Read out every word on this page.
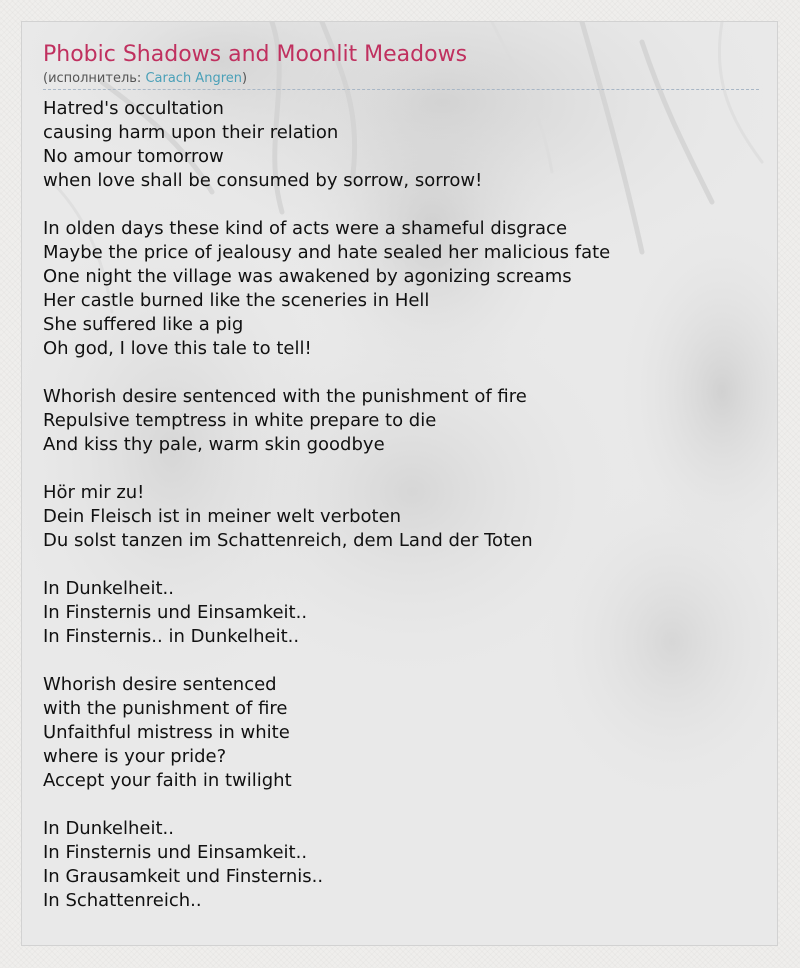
Phobic Shadows and Moonlit Meadows
(исполнитель: Carach Angren)
Hatred's occultation
causing harm upon their relation
No amour tomorrow
when love shall be consumed by sorrow, sorrow!
In olden days these kind of acts were a shameful disgrace
Maybe the price of jealousy and hate sealed her malicious fate
One night the village was awakened by agonizing screams
Her castle burned like the sceneries in Hell
She suffered like a pig
Oh god, I love this tale to tell!
Whorish desire sentenced with the punishment of fire
Repulsive temptress in white prepare to die
And kiss thy pale, warm skin goodbye
Hör mir zu!
Dein Fleisch ist in meiner welt verboten
Du solst tanzen im Schattenreich, dem Land der Toten
In Dunkelheit..
In Finsternis und Einsamkeit..
In Finsternis.. in Dunkelheit..
Whorish desire sentenced
with the punishment of fire
Unfaithful mistress in white
where is your pride?
Accept your faith in twilight
In Dunkelheit..
In Finsternis und Einsamkeit..
In Grausamkeit und Finsternis..
In Schattenreich..
